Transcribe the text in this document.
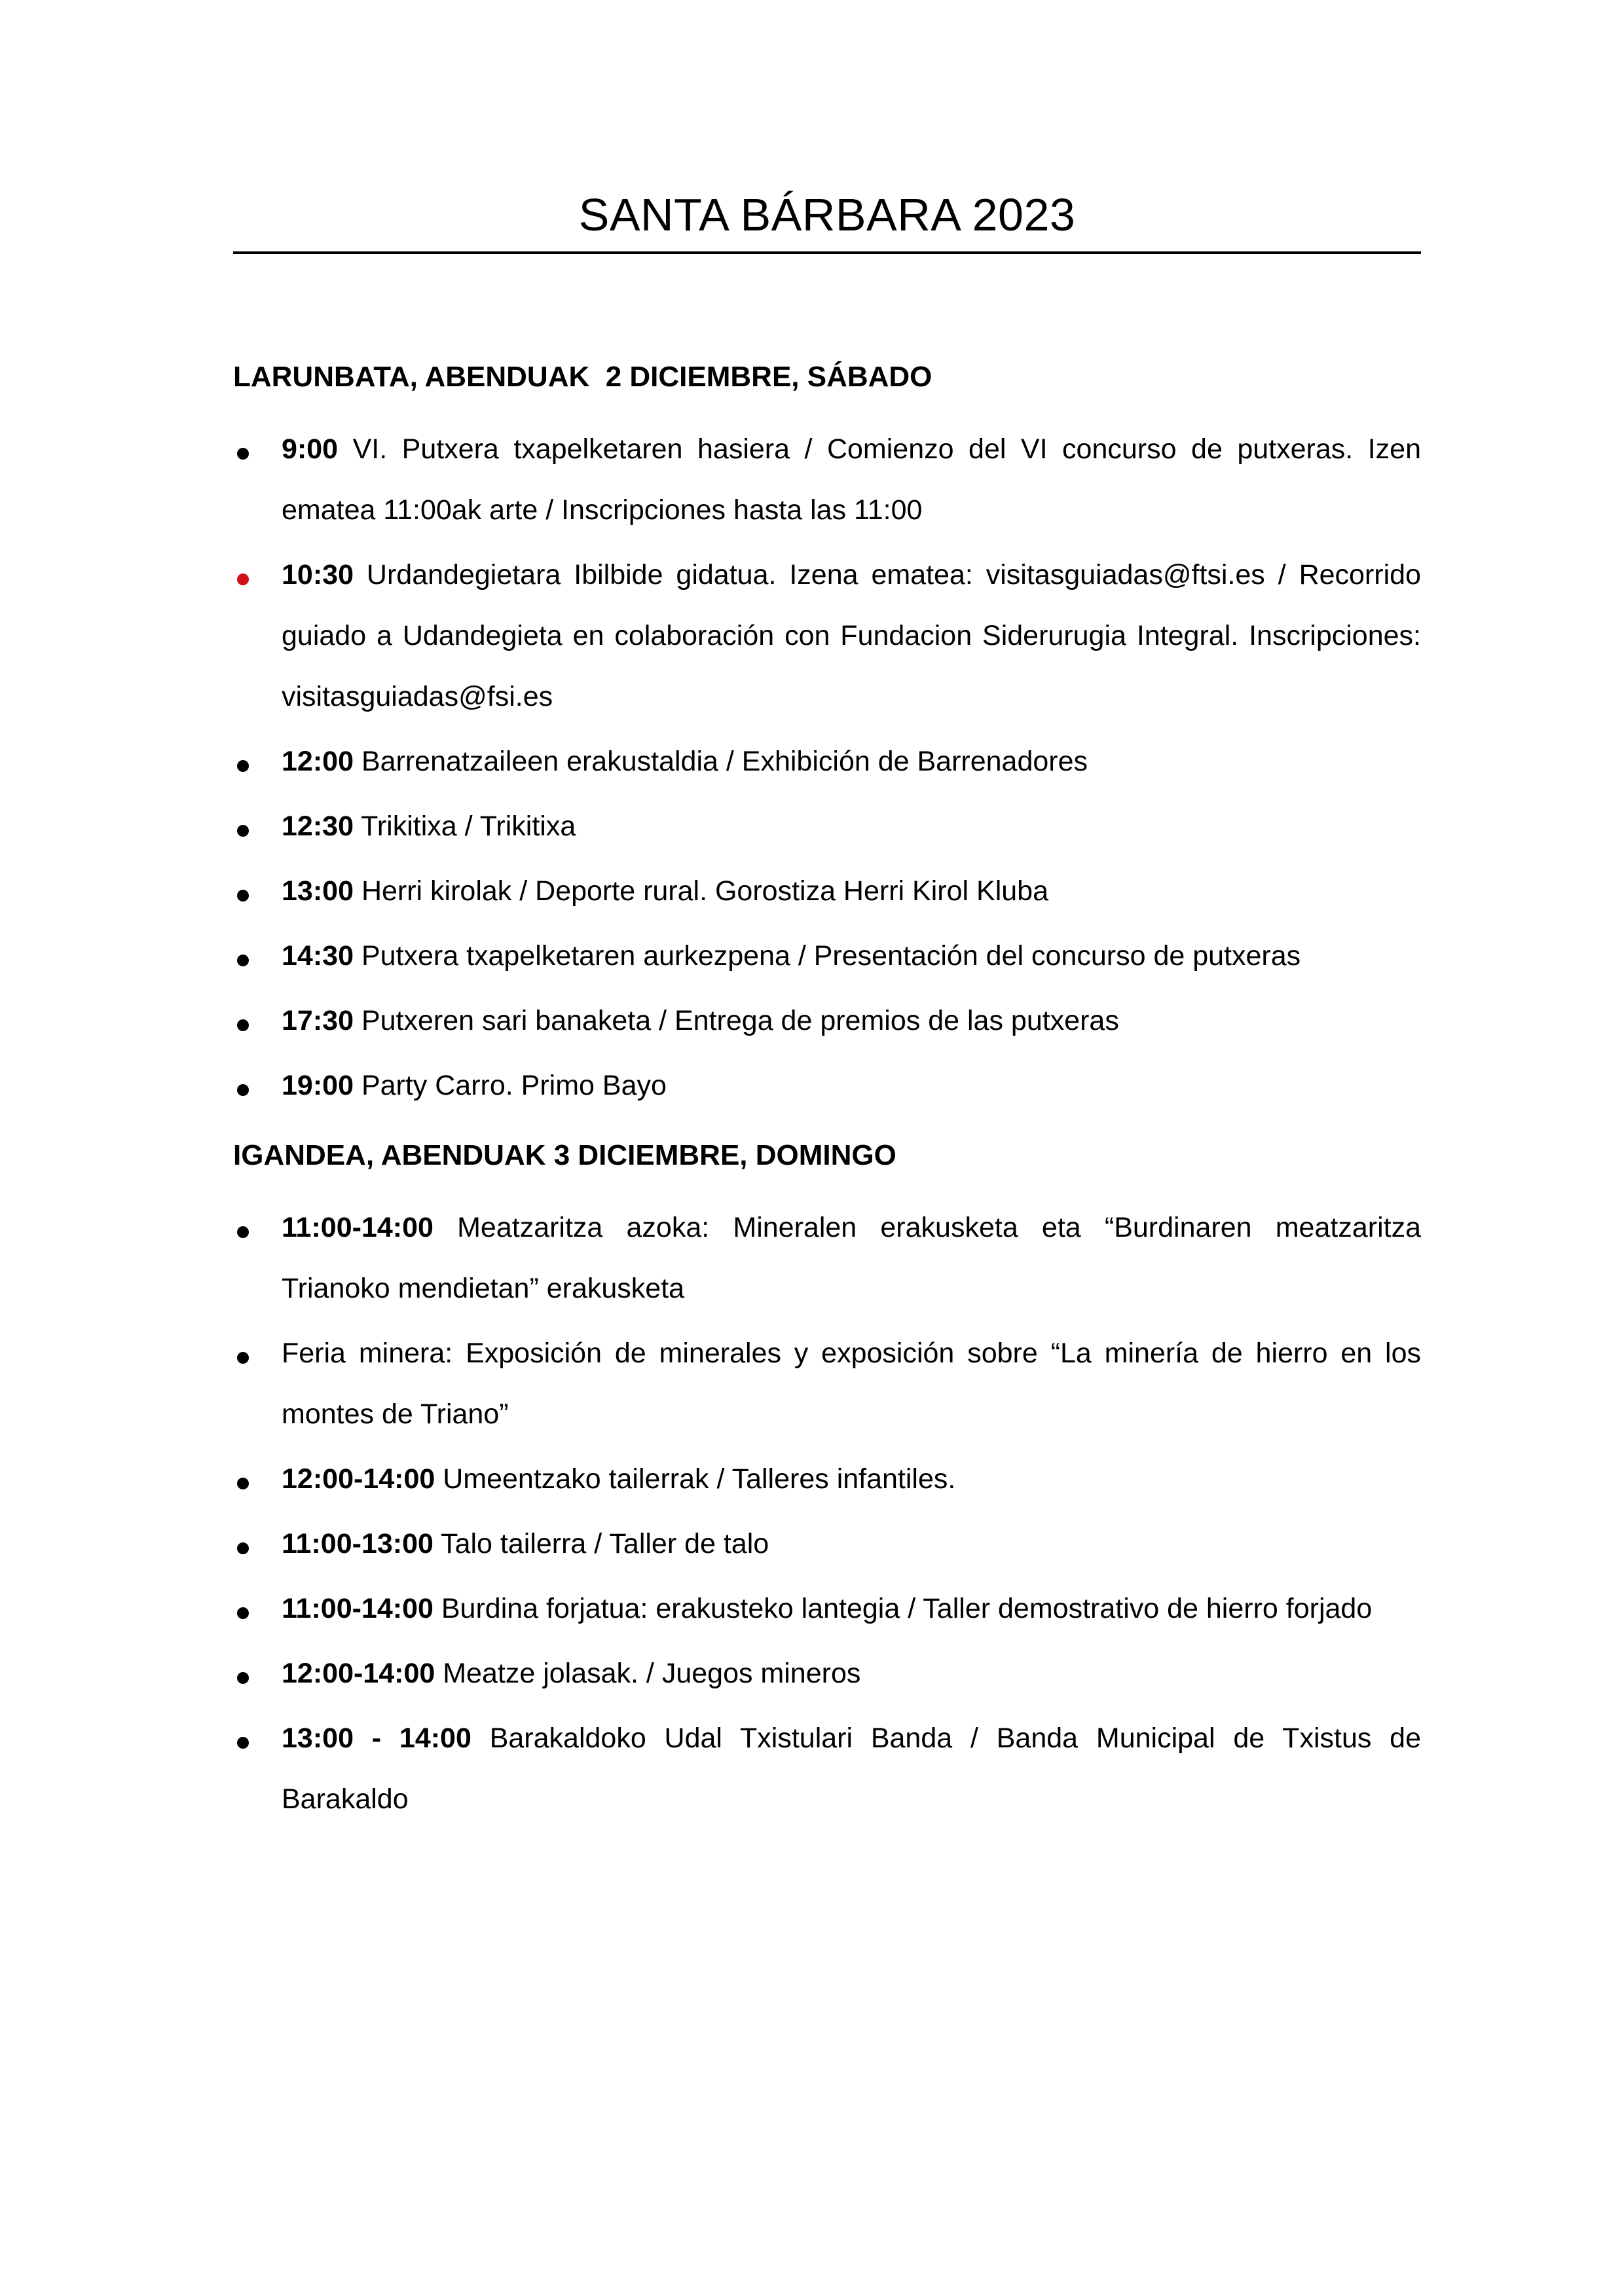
SANTA BÁRBARA 2023
LARUNBATA, ABENDUAK  2 DICIEMBRE, SÁBADO

9:00 VI. Putxera txapelketaren hasiera / Comienzo del VI concurso de putxeras. Izen ematea 11:00ak arte / Inscripciones hasta las 11:00

10:30 Urdandegietara Ibilbide gidatua. Izena ematea: visitasguiadas@ftsi.es / Recorrido guiado a Udandegieta en colaboración con Fundacion Siderurugia Integral. Inscripciones: visitasguiadas@fsi.es

12:00 Barrenatzaileen erakustaldia / Exhibición de Barrenadores

12:30 Trikitixa / Trikitixa

13:00 Herri kirolak / Deporte rural. Gorostiza Herri Kirol Kluba

14:30 Putxera txapelketaren aurkezpena / Presentación del concurso de putxeras

17:30 Putxeren sari banaketa / Entrega de premios de las putxeras

19:00 Party Carro. Primo Bayo

IGANDEA, ABENDUAK 3 DICIEMBRE, DOMINGO

11:00-14:00 Meatzaritza azoka: Mineralen erakusketa eta “Burdinaren meatzaritza Trianoko mendietan” erakusketa

Feria minera: Exposición de minerales y exposición sobre “La minería de hierro en los montes de Triano”

12:00-14:00 Umeentzako tailerrak / Talleres infantiles.

11:00-13:00 Talo tailerra / Taller de talo

11:00-14:00 Burdina forjatua: erakusteko lantegia / Taller demostrativo de hierro forjado

12:00-14:00 Meatze jolasak. / Juegos mineros

13:00 - 14:00 Barakaldoko Udal Txistulari Banda / Banda Municipal de Txistus de Barakaldo
